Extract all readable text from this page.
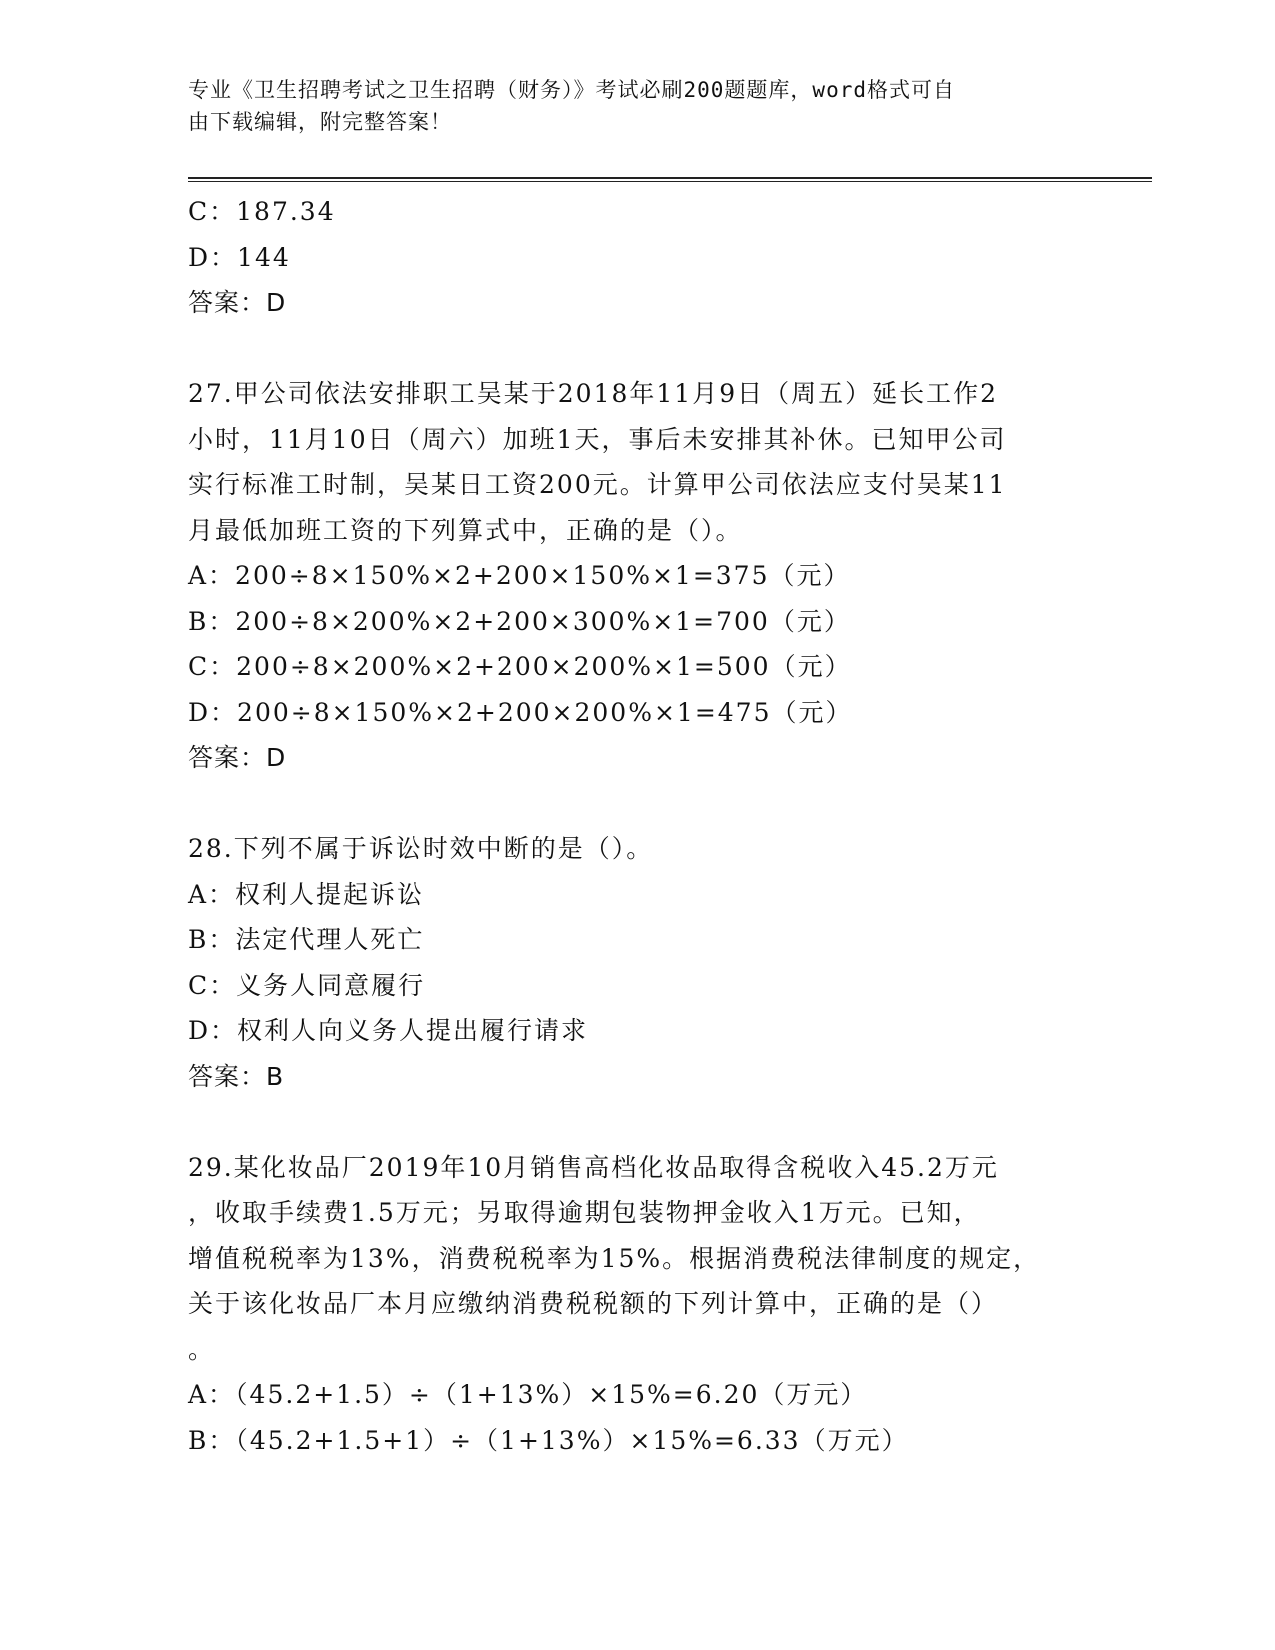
专业《卫生招聘考试之卫生招聘（财务）》考试必刷200题题库，word格式可自
由下载编辑，附完整答案！
C：187.34
D：144
答案：D
27.甲公司依法安排职工吴某于2018年11月9日（周五）延长工作2
小时，11月10日（周六）加班1天，事后未安排其补休。已知甲公司
实行标准工时制，吴某日工资200元。计算甲公司依法应支付吴某11
月最低加班工资的下列算式中，正确的是（）。
A：200÷8×150%×2+200×150%×1=375（元）
B：200÷8×200%×2+200×300%×1=700（元）
C：200÷8×200%×2+200×200%×1=500（元）
D：200÷8×150%×2+200×200%×1=475（元）
答案：D
28.下列不属于诉讼时效中断的是（）。
A：权利人提起诉讼
B：法定代理人死亡
C：义务人同意履行
D：权利人向义务人提出履行请求
答案：B
29.某化妆品厂2019年10月销售高档化妆品取得含税收入45.2万元
，收取手续费1.5万元；另取得逾期包装物押金收入1万元。已知，
增值税税率为13%，消费税税率为15%。根据消费税法律制度的规定，
关于该化妆品厂本月应缴纳消费税税额的下列计算中，正确的是（）
。
A：（45.2+1.5）÷（1+13%）×15%=6.20（万元）
B：（45.2+1.5+1）÷（1+13%）×15%=6.33（万元）
